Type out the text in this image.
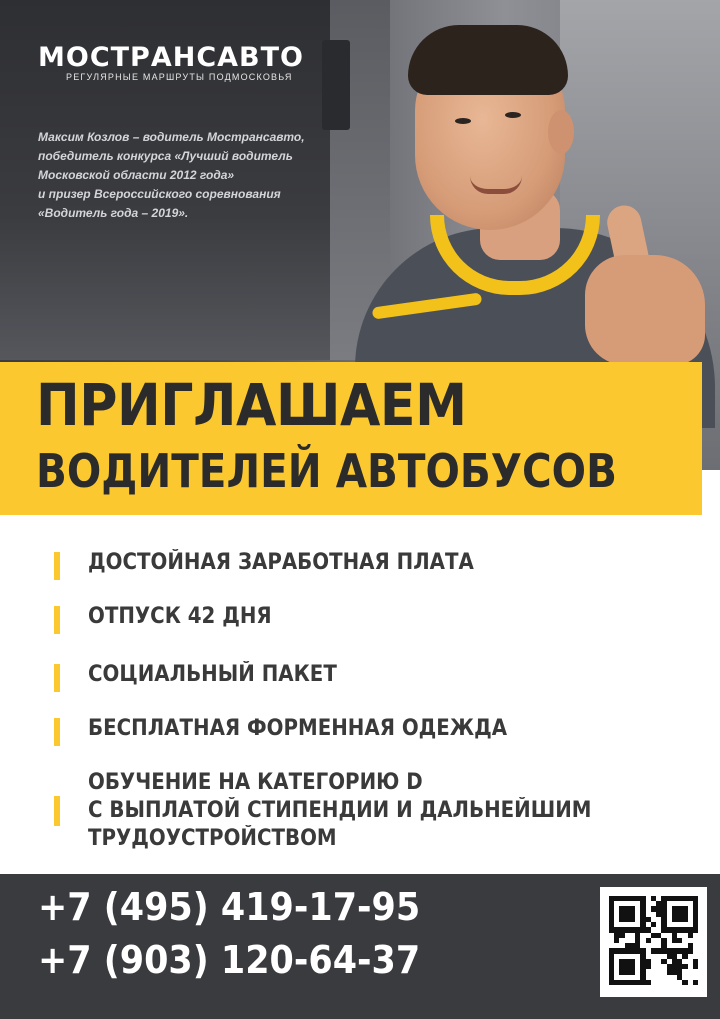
МОСТРАНСАВТО
РЕГУЛЯРНЫЕ МАРШРУТЫ ПОДМОСКОВЬЯ
Максим Козлов – водитель Мострансавто,
победитель конкурса «Лучший водитель
Московской области 2012 года»
и призер Всероссийского соревнования
«Водитель года – 2019».
ПРИГЛАШАЕМ
ВОДИТЕЛЕЙ АВТОБУСОВ
ДОСТОЙНАЯ ЗАРАБОТНАЯ ПЛАТА
ОТПУСК 42 ДНЯ
СОЦИАЛЬНЫЙ ПАКЕТ
БЕСПЛАТНАЯ ФОРМЕННАЯ ОДЕЖДА
ОБУЧЕНИЕ НА КАТЕГОРИЮ D
С ВЫПЛАТОЙ СТИПЕНДИИ И ДАЛЬНЕЙШИМ
ТРУДОУСТРОЙСТВОМ
+7 (495) 419-17-95
+7 (903) 120-64-37
